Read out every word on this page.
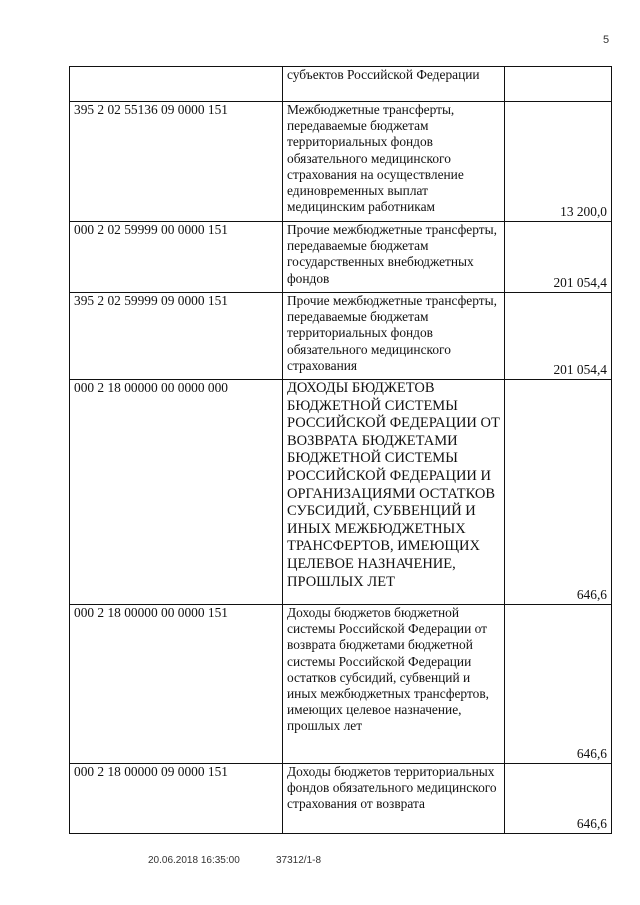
5
	субъектов Российской Федерации	
395 2 02 55136 09 0000 151	Межбюджетные трансферты, передаваемые бюджетам территориальных фондов обязательного медицинского страхования на осуществление единовременных выплат медицинским работникам	13 200,0
000 2 02 59999 00 0000 151	Прочие межбюджетные трансферты, передаваемые бюджетам государственных внебюджетных фондов	201 054,4
395 2 02 59999 09 0000 151	Прочие межбюджетные трансферты, передаваемые бюджетам территориальных фондов обязательного медицинского страхования	201 054,4
000 2 18 00000 00 0000 000	ДОХОДЫ БЮДЖЕТОВ БЮДЖЕТНОЙ СИСТЕМЫ РОССИЙСКОЙ ФЕДЕРАЦИИ ОТ ВОЗВРАТА БЮДЖЕТАМИ БЮДЖЕТНОЙ СИСТЕМЫ РОССИЙСКОЙ ФЕДЕРАЦИИ И ОРГАНИЗАЦИЯМИ ОСТАТКОВ СУБСИДИЙ, СУБВЕНЦИЙ И ИНЫХ МЕЖБЮДЖЕТНЫХ ТРАНСФЕРТОВ, ИМЕЮЩИХ ЦЕЛЕВОЕ НАЗНАЧЕНИЕ, ПРОШЛЫХ ЛЕТ	646,6
000 2 18 00000 00 0000 151	Доходы бюджетов бюджетной системы Российской Федерации от возврата бюджетами бюджетной системы Российской Федерации остатков субсидий, субвенций и иных межбюджетных трансфертов, имеющих целевое назначение, прошлых лет	646,6
000 2 18 00000 09 0000 151	Доходы бюджетов территориальных фондов обязательного медицинского страхования от возврата	646,6
20.06.2018 16:35:00	37312/1-8
